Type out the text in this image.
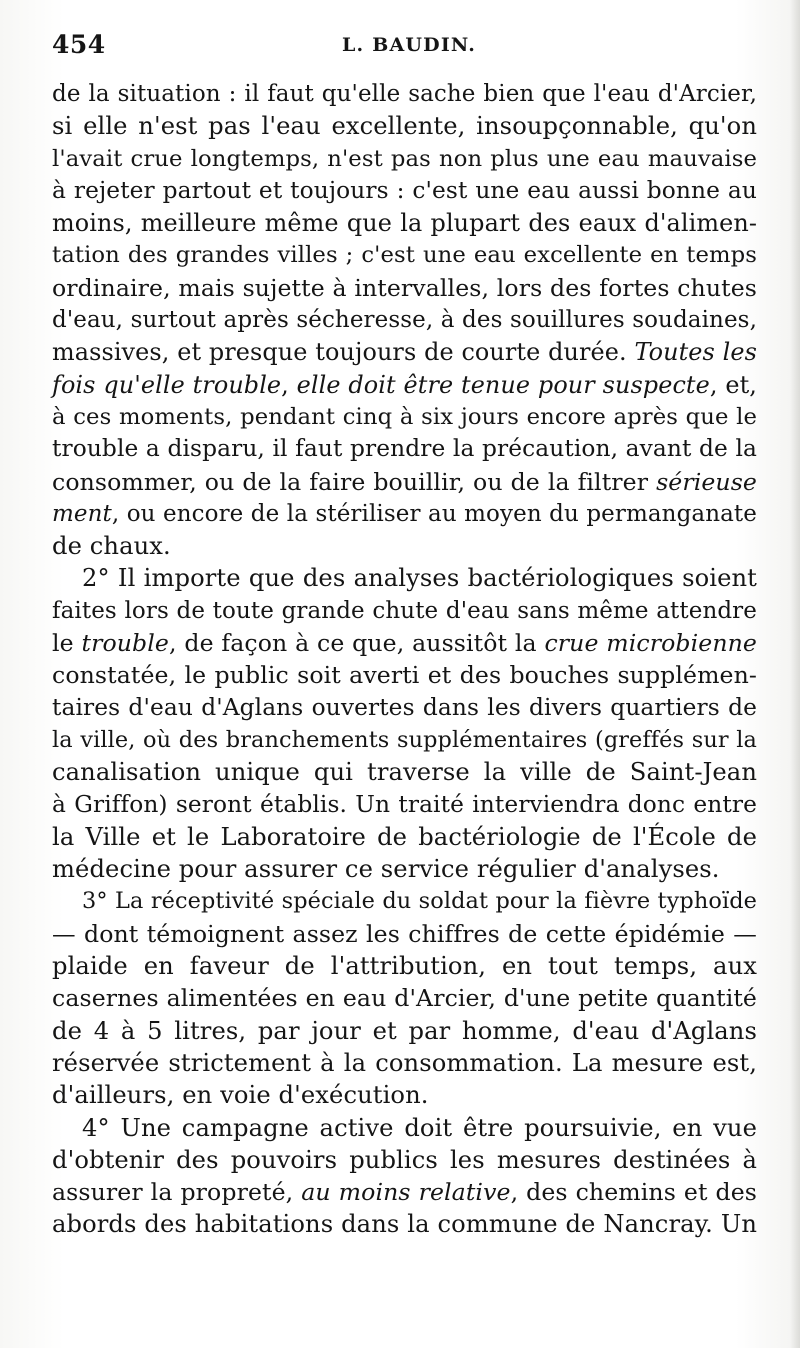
454	L. BAUDIN.
de la situation : il faut qu'elle sache bien que l'eau d'Arcier,
si elle n'est pas l'eau excellente, insoupçonnable, qu'on
l'avait crue longtemps, n'est pas non plus une eau mauvaise
à rejeter partout et toujours : c'est une eau aussi bonne au
moins, meilleure même que la plupart des eaux d'alimen-
tation des grandes villes ; c'est une eau excellente en temps
ordinaire, mais sujette à intervalles, lors des fortes chutes
d'eau, surtout après sécheresse, à des souillures soudaines,
massives, et presque toujours de courte durée. Toutes les
fois qu'elle trouble, elle doit être tenue pour suspecte, et,
à ces moments, pendant cinq à six jours encore après que le
trouble a disparu, il faut prendre la précaution, avant de la
consommer, ou de la faire bouillir, ou de la filtrer sérieuse
ment, ou encore de la stériliser au moyen du permanganate
de chaux.
2° Il importe que des analyses bactériologiques soient
faites lors de toute grande chute d'eau sans même attendre
le trouble, de façon à ce que, aussitôt la crue microbienne
constatée, le public soit averti et des bouches supplémen-
taires d'eau d'Aglans ouvertes dans les divers quartiers de
la ville, où des branchements supplémentaires (greffés sur la
canalisation unique qui traverse la ville de Saint-Jean
à Griffon) seront établis. Un traité interviendra donc entre
la Ville et le Laboratoire de bactériologie de l'École de
médecine pour assurer ce service régulier d'analyses.
3° La réceptivité spéciale du soldat pour la fièvre typhoïde
— dont témoignent assez les chiffres de cette épidémie —
plaide en faveur de l'attribution, en tout temps, aux
casernes alimentées en eau d'Arcier, d'une petite quantité
de 4 à 5 litres, par jour et par homme, d'eau d'Aglans
réservée strictement à la consommation. La mesure est,
d'ailleurs, en voie d'exécution.
4° Une campagne active doit être poursuivie, en vue
d'obtenir des pouvoirs publics les mesures destinées à
assurer la propreté, au moins relative, des chemins et des
abords des habitations dans la commune de Nancray. Un
